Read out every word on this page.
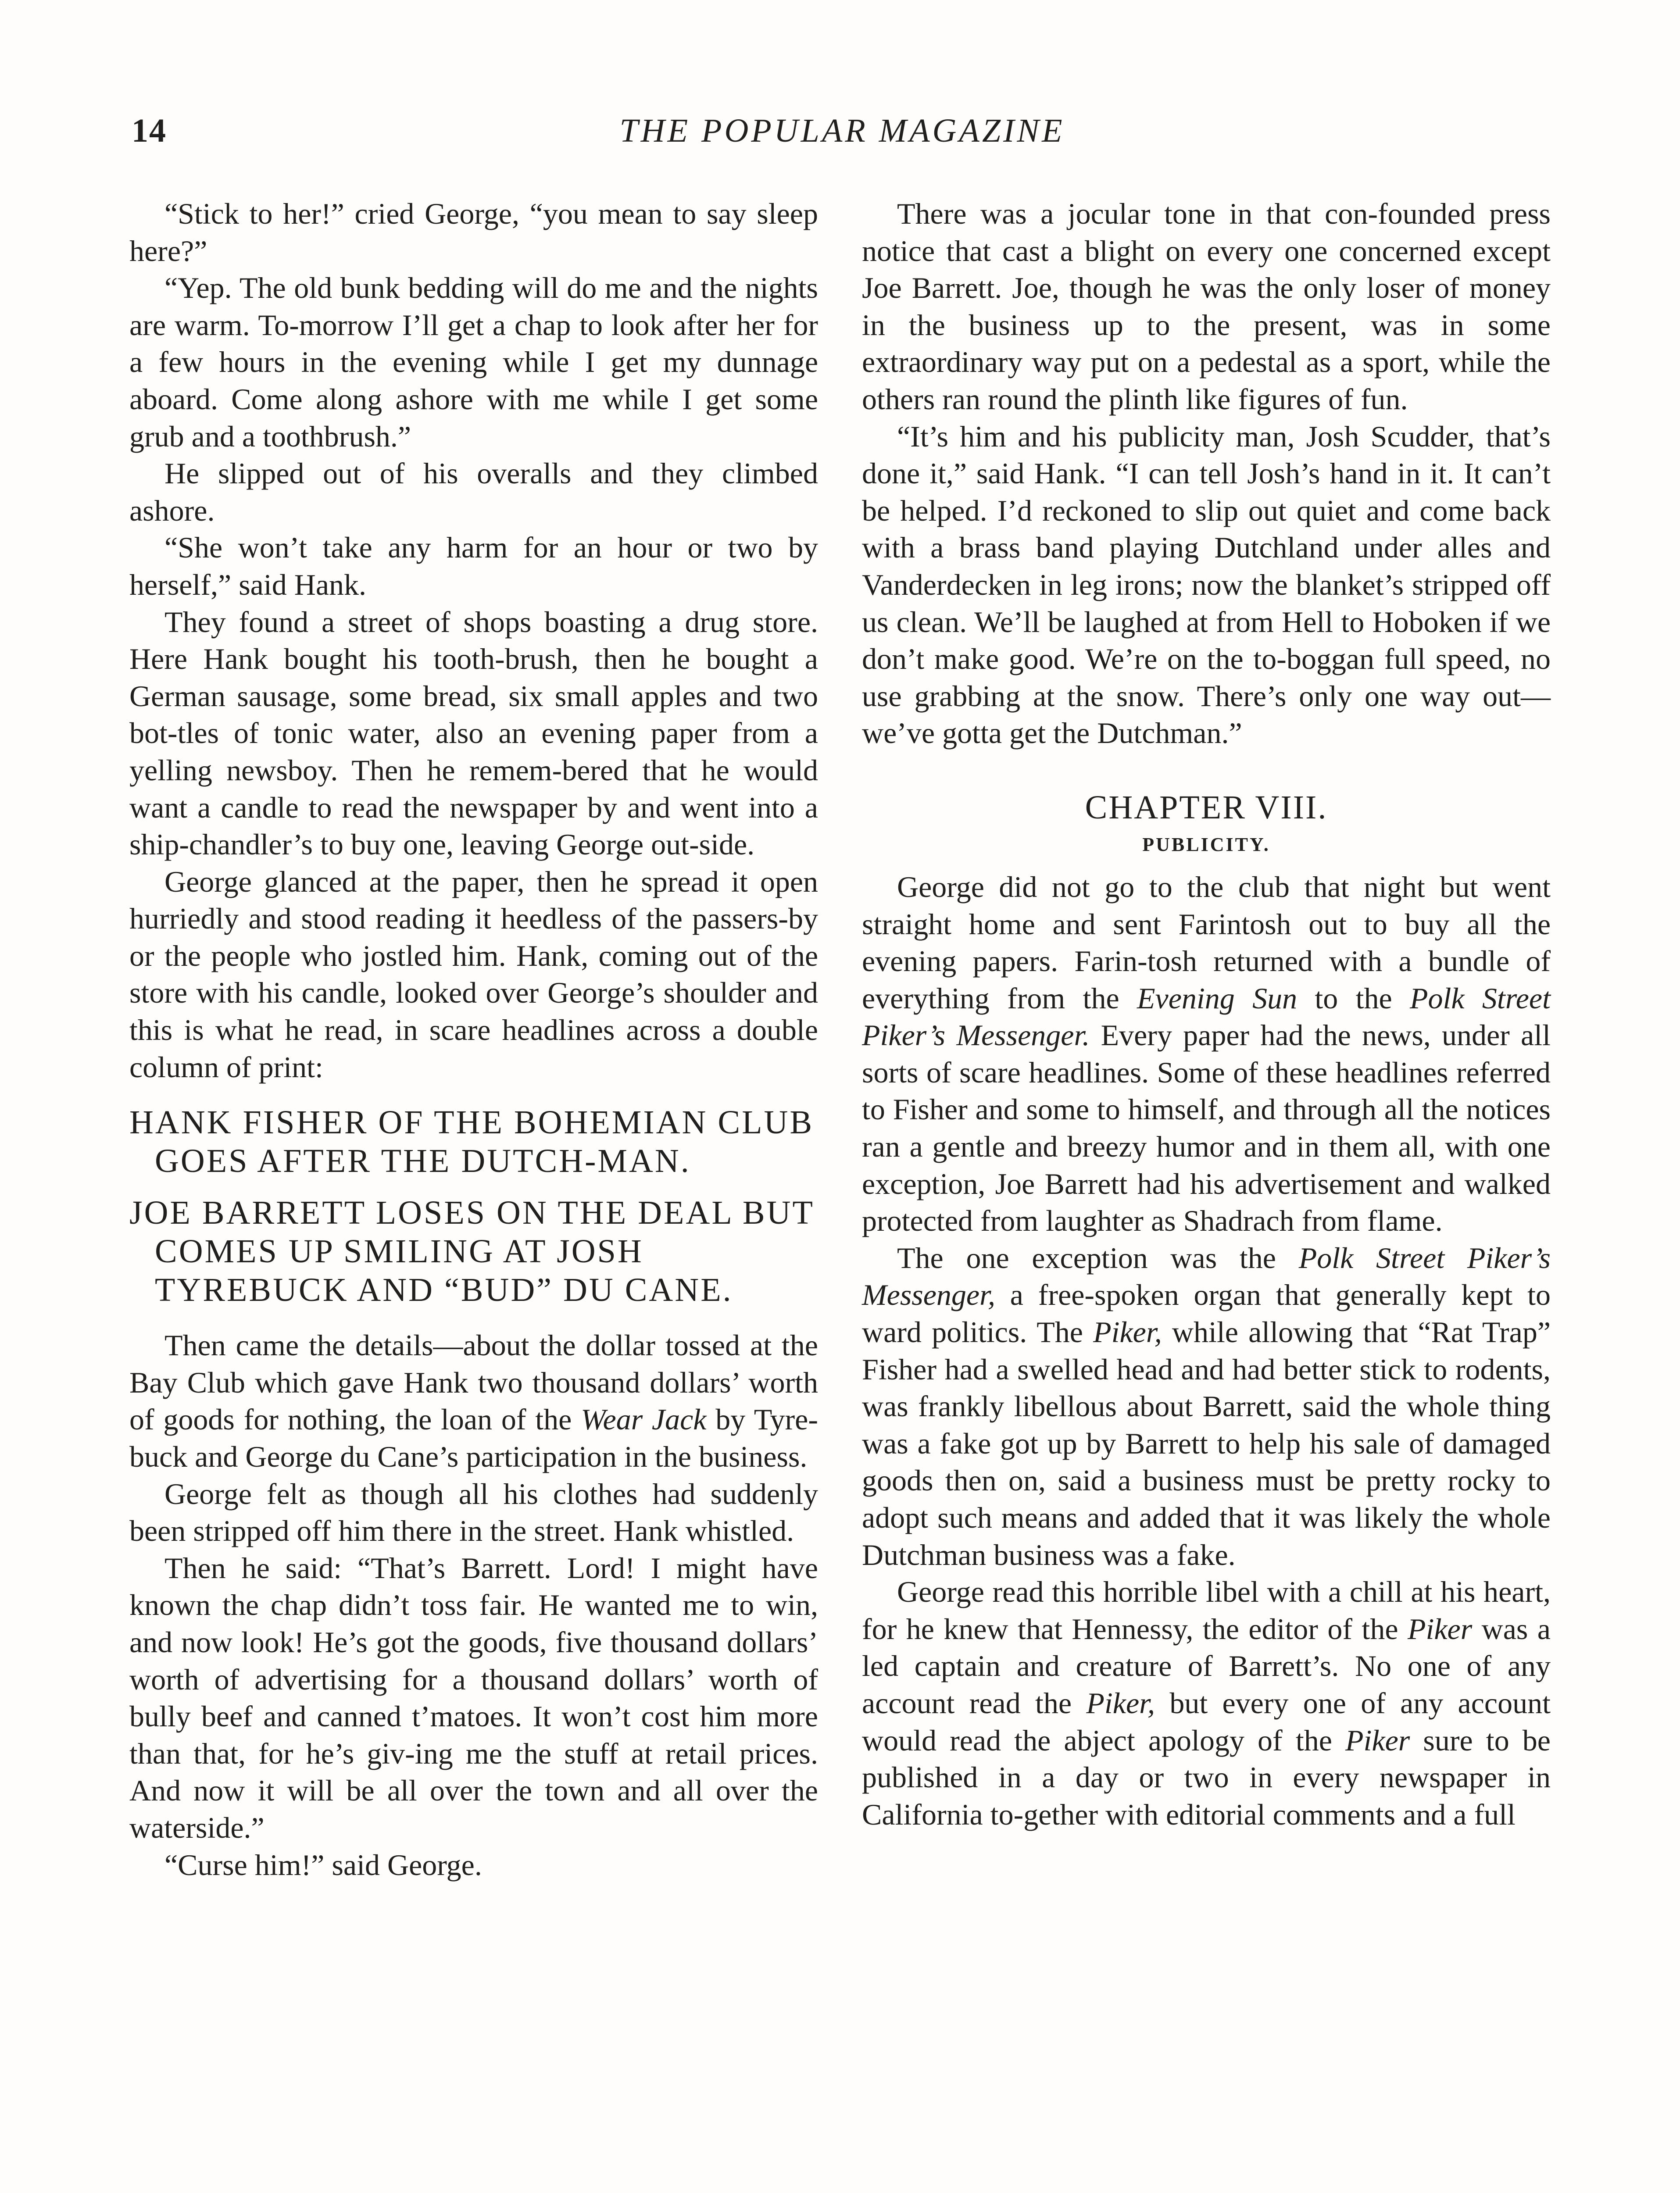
14	THE POPULAR MAGAZINE

“Stick to her!” cried George, “you mean to say sleep here?”

“Yep. The old bunk bedding will do me and the nights are warm. To-morrow I’ll get a chap to look after her for a few hours in the evening while I get my dunnage aboard. Come along ashore with me while I get some grub and a toothbrush.”

He slipped out of his overalls and they climbed ashore.

“She won’t take any harm for an hour or two by herself,” said Hank.

They found a street of shops boasting a drug store. Here Hank bought his tooth-brush, then he bought a German sausage, some bread, six small apples and two bot-tles of tonic water, also an evening paper from a yelling newsboy. Then he remem-bered that he would want a candle to read the newspaper by and went into a ship-chandler’s to buy one, leaving George out-side.

George glanced at the paper, then he spread it open hurriedly and stood reading it heedless of the passers-by or the people who jostled him. Hank, coming out of the store with his candle, looked over George’s shoulder and this is what he read, in scare headlines across a double column of print:

HANK FISHER OF THE BOHEMIAN CLUB GOES AFTER THE DUTCH-MAN.

JOE BARRETT LOSES ON THE DEAL BUT COMES UP SMILING AT JOSH TYREBUCK AND “BUD” DU CANE.

Then came the details—about the dollar tossed at the Bay Club which gave Hank two thousand dollars’ worth of goods for nothing, the loan of the Wear Jack by Tyre-buck and George du Cane’s participation in the business.

George felt as though all his clothes had suddenly been stripped off him there in the street. Hank whistled.

Then he said: “That’s Barrett. Lord! I might have known the chap didn’t toss fair. He wanted me to win, and now look! He’s got the goods, five thousand dollars’ worth of advertising for a thousand dollars’ worth of bully beef and canned t’matoes. It won’t cost him more than that, for he’s giv-ing me the stuff at retail prices. And now it will be all over the town and all over the waterside.”

“Curse him!” said George.

There was a jocular tone in that con-founded press notice that cast a blight on every one concerned except Joe Barrett. Joe, though he was the only loser of money in the business up to the present, was in some extraordinary way put on a pedestal as a sport, while the others ran round the plinth like figures of fun.

“It’s him and his publicity man, Josh Scudder, that’s done it,” said Hank. “I can tell Josh’s hand in it. It can’t be helped. I’d reckoned to slip out quiet and come back with a brass band playing Dutchland under alles and Vanderdecken in leg irons; now the blanket’s stripped off us clean. We’ll be laughed at from Hell to Hoboken if we don’t make good. We’re on the to-boggan full speed, no use grabbing at the snow. There’s only one way out—we’ve gotta get the Dutchman.”

CHAPTER VIII.
PUBLICITY.

George did not go to the club that night but went straight home and sent Farintosh out to buy all the evening papers. Farin-tosh returned with a bundle of everything from the Evening Sun to the Polk Street Piker’s Messenger. Every paper had the news, under all sorts of scare headlines. Some of these headlines referred to Fisher and some to himself, and through all the notices ran a gentle and breezy humor and in them all, with one exception, Joe Barrett had his advertisement and walked protected from laughter as Shadrach from flame.

The one exception was the Polk Street Piker’s Messenger, a free-spoken organ that generally kept to ward politics. The Piker, while allowing that “Rat Trap” Fisher had a swelled head and had better stick to rodents, was frankly libellous about Barrett, said the whole thing was a fake got up by Barrett to help his sale of damaged goods then on, said a business must be pretty rocky to adopt such means and added that it was likely the whole Dutchman business was a fake.

George read this horrible libel with a chill at his heart, for he knew that Hennessy, the editor of the Piker was a led captain and creature of Barrett’s. No one of any account read the Piker, but every one of any account would read the abject apology of the Piker sure to be published in a day or two in every newspaper in California to-gether with editorial comments and a full
